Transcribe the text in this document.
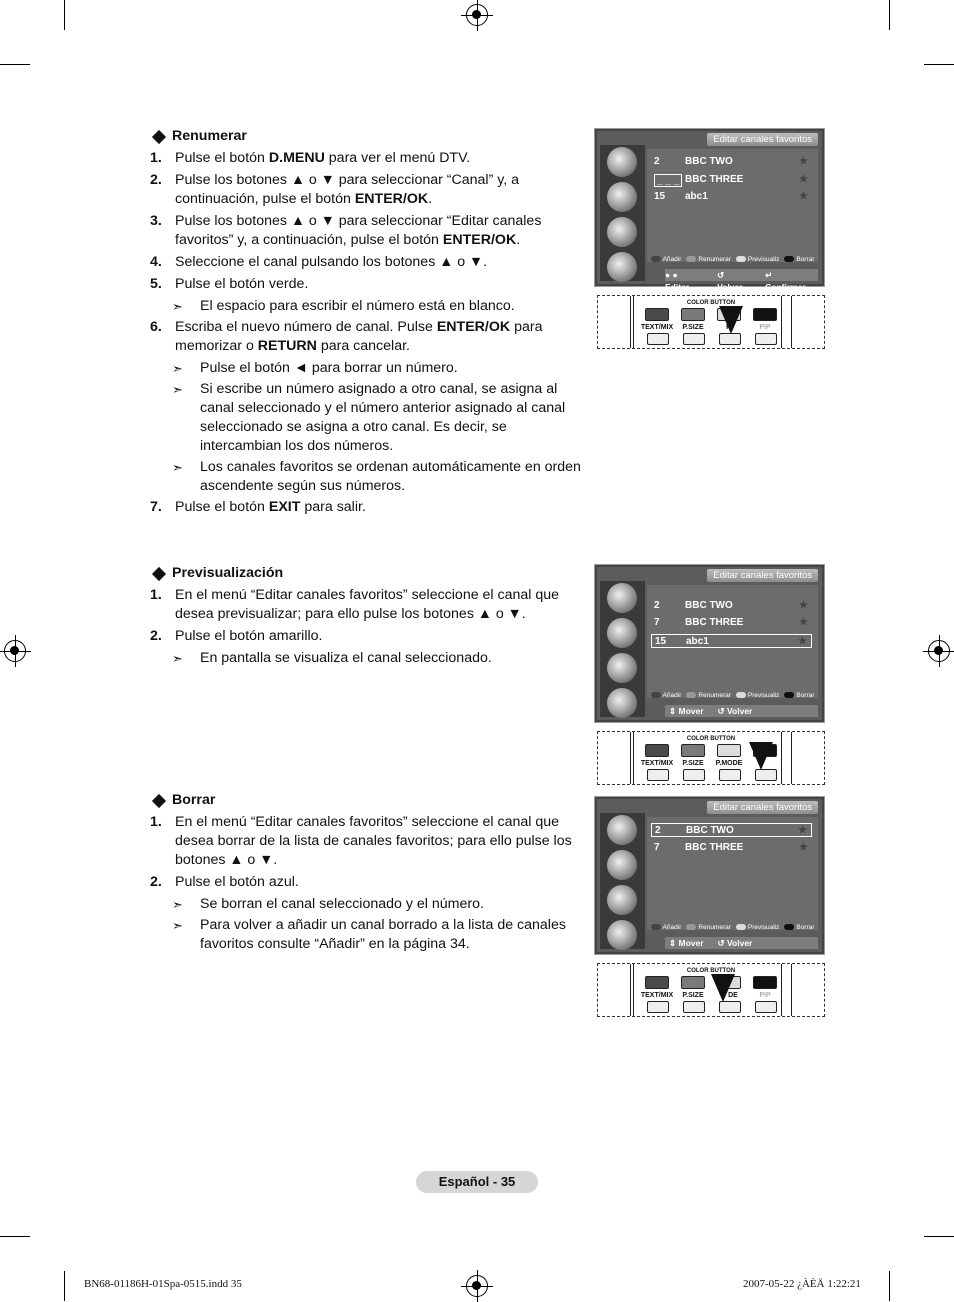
Renumerar
1. Pulse el botón D.MENU para ver el menú DTV.
2. Pulse los botones ▲ o ▼ para seleccionar “Canal” y, a continuación, pulse el botón ENTER/OK.
3. Pulse los botones ▲ o ▼ para seleccionar “Editar canales favoritos” y, a continuación, pulse el botón ENTER/OK.
4. Seleccione el canal pulsando los botones ▲ o ▼.
5. Pulse el botón verde.
➣	El espacio para escribir el número está en blanco.
6. Escriba el nuevo número de canal. Pulse ENTER/OK para memorizar o RETURN para cancelar.
➣	Pulse el botón ◄ para borrar un número.
➣	Si escribe un número asignado a otro canal, se asigna al canal seleccionado y el número anterior asignado al canal seleccionado se asigna a otro canal. Es decir, se intercambian los dos números.
➣	Los canales favoritos se ordenan automáticamente en orden ascendente según sus números.
7. Pulse el botón EXIT para salir.
Previsualización
1. En el menú “Editar canales favoritos” seleccione el canal que desea previsualizar; para ello pulse los botones ▲ o ▼.
2. Pulse el botón amarillo.
➣	En pantalla se visualiza el canal seleccionado.
Borrar
1. En el menú “Editar canales favoritos” seleccione el canal que desea borrar de la lista de canales favoritos; para ello pulse los botones ▲ o ▼.
2. Pulse el botón azul.
➣	Se borran el canal seleccionado y el número.
➣	Para volver a añadir un canal borrado a la lista de canales favoritos consulte “Añadir” en la página 34.
Editar canales favoritos
2	BBC TWO	★
_ _ _ BBC THREE	★
15 abc1	★
Añadir	Renumerar	Previsualiz	Borrar
● ● Editar
↺ Volver
↵ Confirmar
COLOR BUTTON
TEXT/MIX	P.SIZE	P.	PIP
Editar canales favoritos
2	BBC TWO	★
7	BBC THREE	★
15 abc1	★
Añadir	Renumerar	Previsualiz	Borrar
⇕ Mover ↺ Volver
COLOR BUTTON
TEXT/MIX	P.SIZE	P.MODE
Editar canales favoritos
2	BBC TWO	★
7	BBC THREE	★
Añadir	Renumerar	Previsualiz	Borrar
⇕ Mover ↺ Volver
COLOR BUTTON
TEXT/MIX	P.SIZE	DE	PIP
Español - 35
BN68-01186H-01Spa-0515.indd 35	2007-05-22 ¿ÀÈÄ 1:22:21
